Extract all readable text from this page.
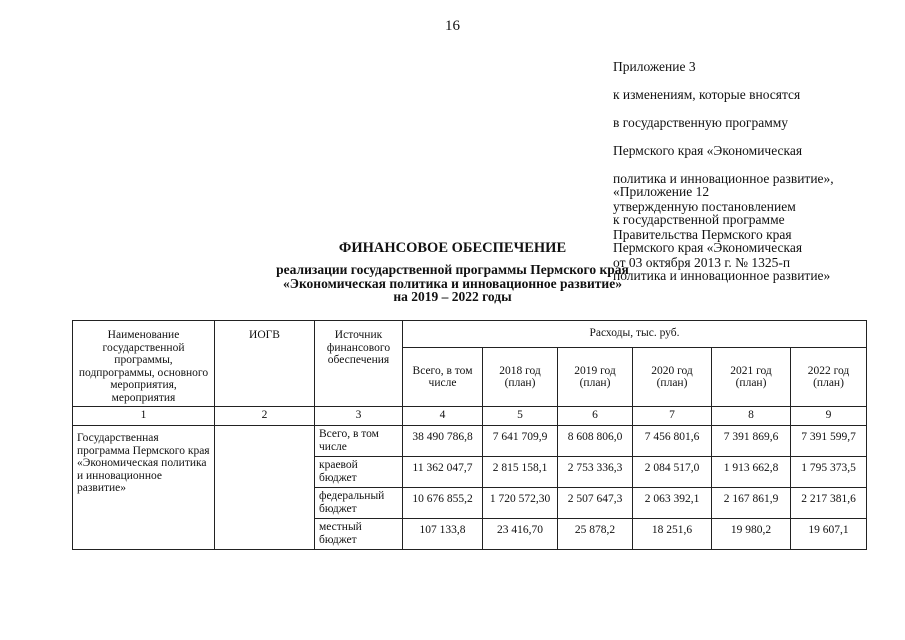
16

Приложение 3

к изменениям, которые вносятся

в государственную программу

Пермского края «Экономическая

политика и инновационное развитие»,

утвержденную постановлением

Правительства Пермского края

от 03 октября 2013 г. № 1325-п

«Приложение 12

к государственной программе

Пермского края «Экономическая

политика и инновационное развитие»

ФИНАНСОВОЕ ОБЕСПЕЧЕНИЕ
реализации государственной программы Пермского края
«Экономическая политика и инновационное развитие»
на 2019 – 2022 годы
Наименование государственной программы, подпрограммы, основного мероприятия, мероприятия	ИОГВ	Источник финансового обеспечения	Расходы, тыс. руб.					
			Всего, в том числе	2018 год (план)	2019 год (план)	2020 год (план)	2021 год (план)	2022 год (план)
1	2	3	4	5	6	7	8	9
Государственная программа Пермского края «Экономическая политика и инновационное развитие»		Всего, в том числе	38 490 786,8	7 641 709,9	8 608 806,0	7 456 801,6	7 391 869,6	7 391 599,7
		краевой бюджет	11 362 047,7	2 815 158,1	2 753 336,3	2 084 517,0	1 913 662,8	1 795 373,5
		федеральный бюджет	10 676 855,2	1 720 572,30	2 507 647,3	2 063 392,1	2 167 861,9	2 217 381,6
		местный бюджет	107 133,8	23 416,70	25 878,2	18 251,6	19 980,2	19 607,1
